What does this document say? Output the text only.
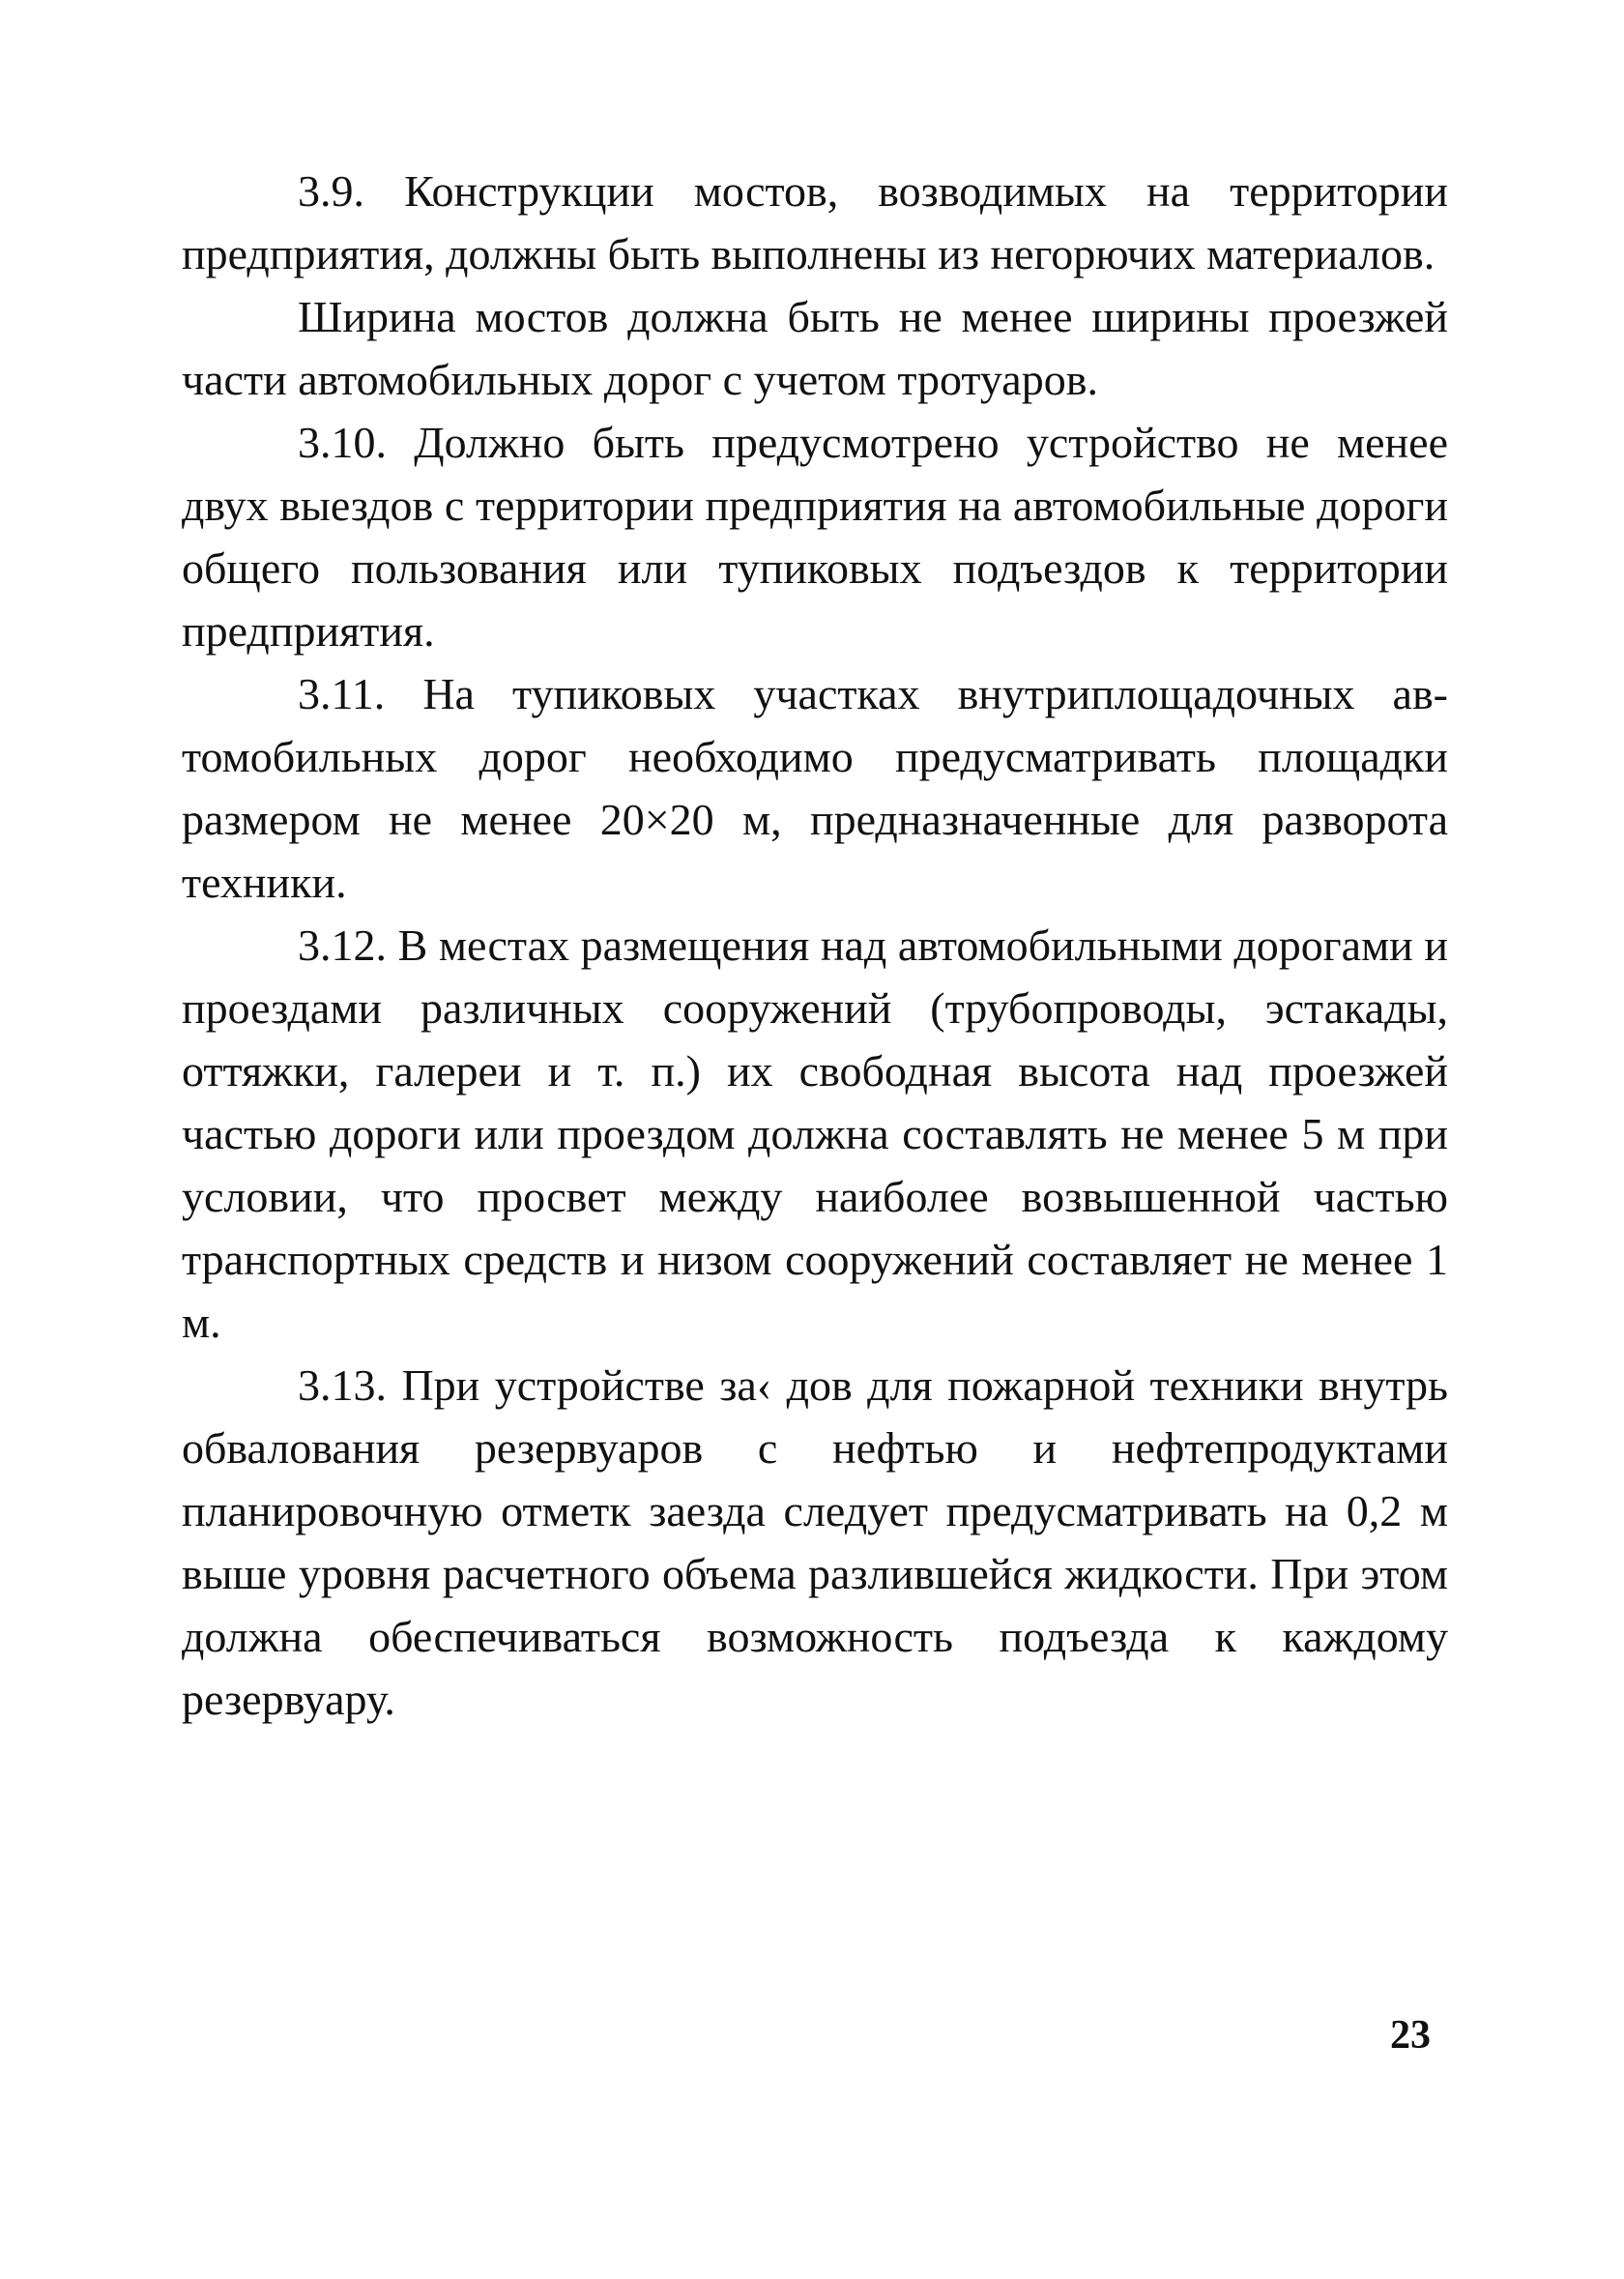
3.9. Конструкции мостов, возводимых на территории предприятия, должны быть выполнены из негорючих материалов.

Ширина мостов должна быть не менее ширины проезжей части автомобильных дорог с учетом тротуаров.

3.10. Должно быть предусмотрено устройство не менее двух выездов с территории предприятия на автомобильные дороги общего пользования или тупиковых подъездов к территории предприятия.

3.11. На тупиковых участках внутриплощадочных автомобильных дорог необходимо предусматривать площадки размером не менее 20×20 м, предназначенные для разворота техники.

3.12. В местах размещения над автомобильными дорогами и проездами различных сооружений (трубопроводы, эстакады, оттяжки, галереи и т. п.) их свободная высота над проезжей частью дороги или проездом должна составлять не менее 5 м при условии, что просвет между наиболее возвышенной частью транспортных средств и низом сооружений составляет не менее 1 м.

3.13. При устройстве за‹ дов для пожарной техники внутрь обвалования резервуаров с нефтью и нефтепродуктами планировочную отметк заезда следует предусматривать на 0,2 м выше уровня расчетного объема разлившейся жидкости. При этом должна обеспечиваться возможность подъезда к каждому резервуару.

23
